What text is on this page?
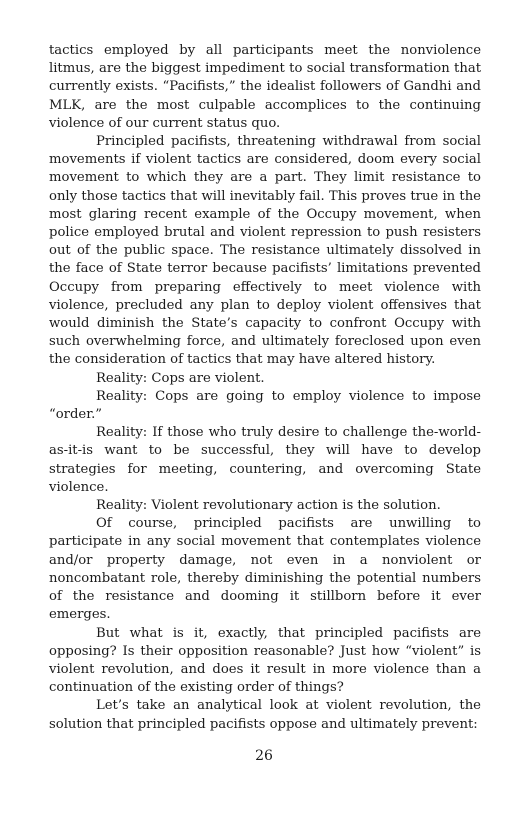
tactics employed by all participants meet the nonviolence litmus, are the biggest impediment to social transformation that currently exists. “Pacifists,” the idealist followers of Gandhi and MLK, are the most culpable accomplices to the continuing violence of our current status quo.

Principled pacifists, threatening withdrawal from social movements if violent tactics are considered, doom every social movement to which they are a part. They limit resistance to only those tactics that will inevitably fail. This proves true in the most glaring recent example of the Occupy movement, when police employed brutal and violent repression to push resisters out of the public space. The resistance ultimately dissolved in the face of State terror because pacifists’ limitations prevented Occupy from preparing effectively to meet violence with violence, precluded any plan to deploy violent offensives that would diminish the State’s capacity to confront Occupy with such overwhelming force, and ultimately foreclosed upon even the consideration of tactics that may have altered history.

Reality: Cops are violent.

Reality: Cops are going to employ violence to impose “order.”

Reality: If those who truly desire to challenge the-world-as-it-is want to be successful, they will have to develop strategies for meeting, countering, and overcoming State violence.

Reality: Violent revolutionary action is the solution.

Of course, principled pacifists are unwilling to participate in any social movement that contemplates violence and/or property damage, not even in a nonviolent or noncombatant role, thereby diminishing the potential numbers of the resistance and dooming it stillborn before it ever emerges.

But what is it, exactly, that principled pacifists are opposing? Is their opposition reasonable? Just how “violent” is violent revolution, and does it result in more violence than a continuation of the existing order of things?

Let’s take an analytical look at violent revolution, the solution that principled pacifists oppose and ultimately prevent:

26
